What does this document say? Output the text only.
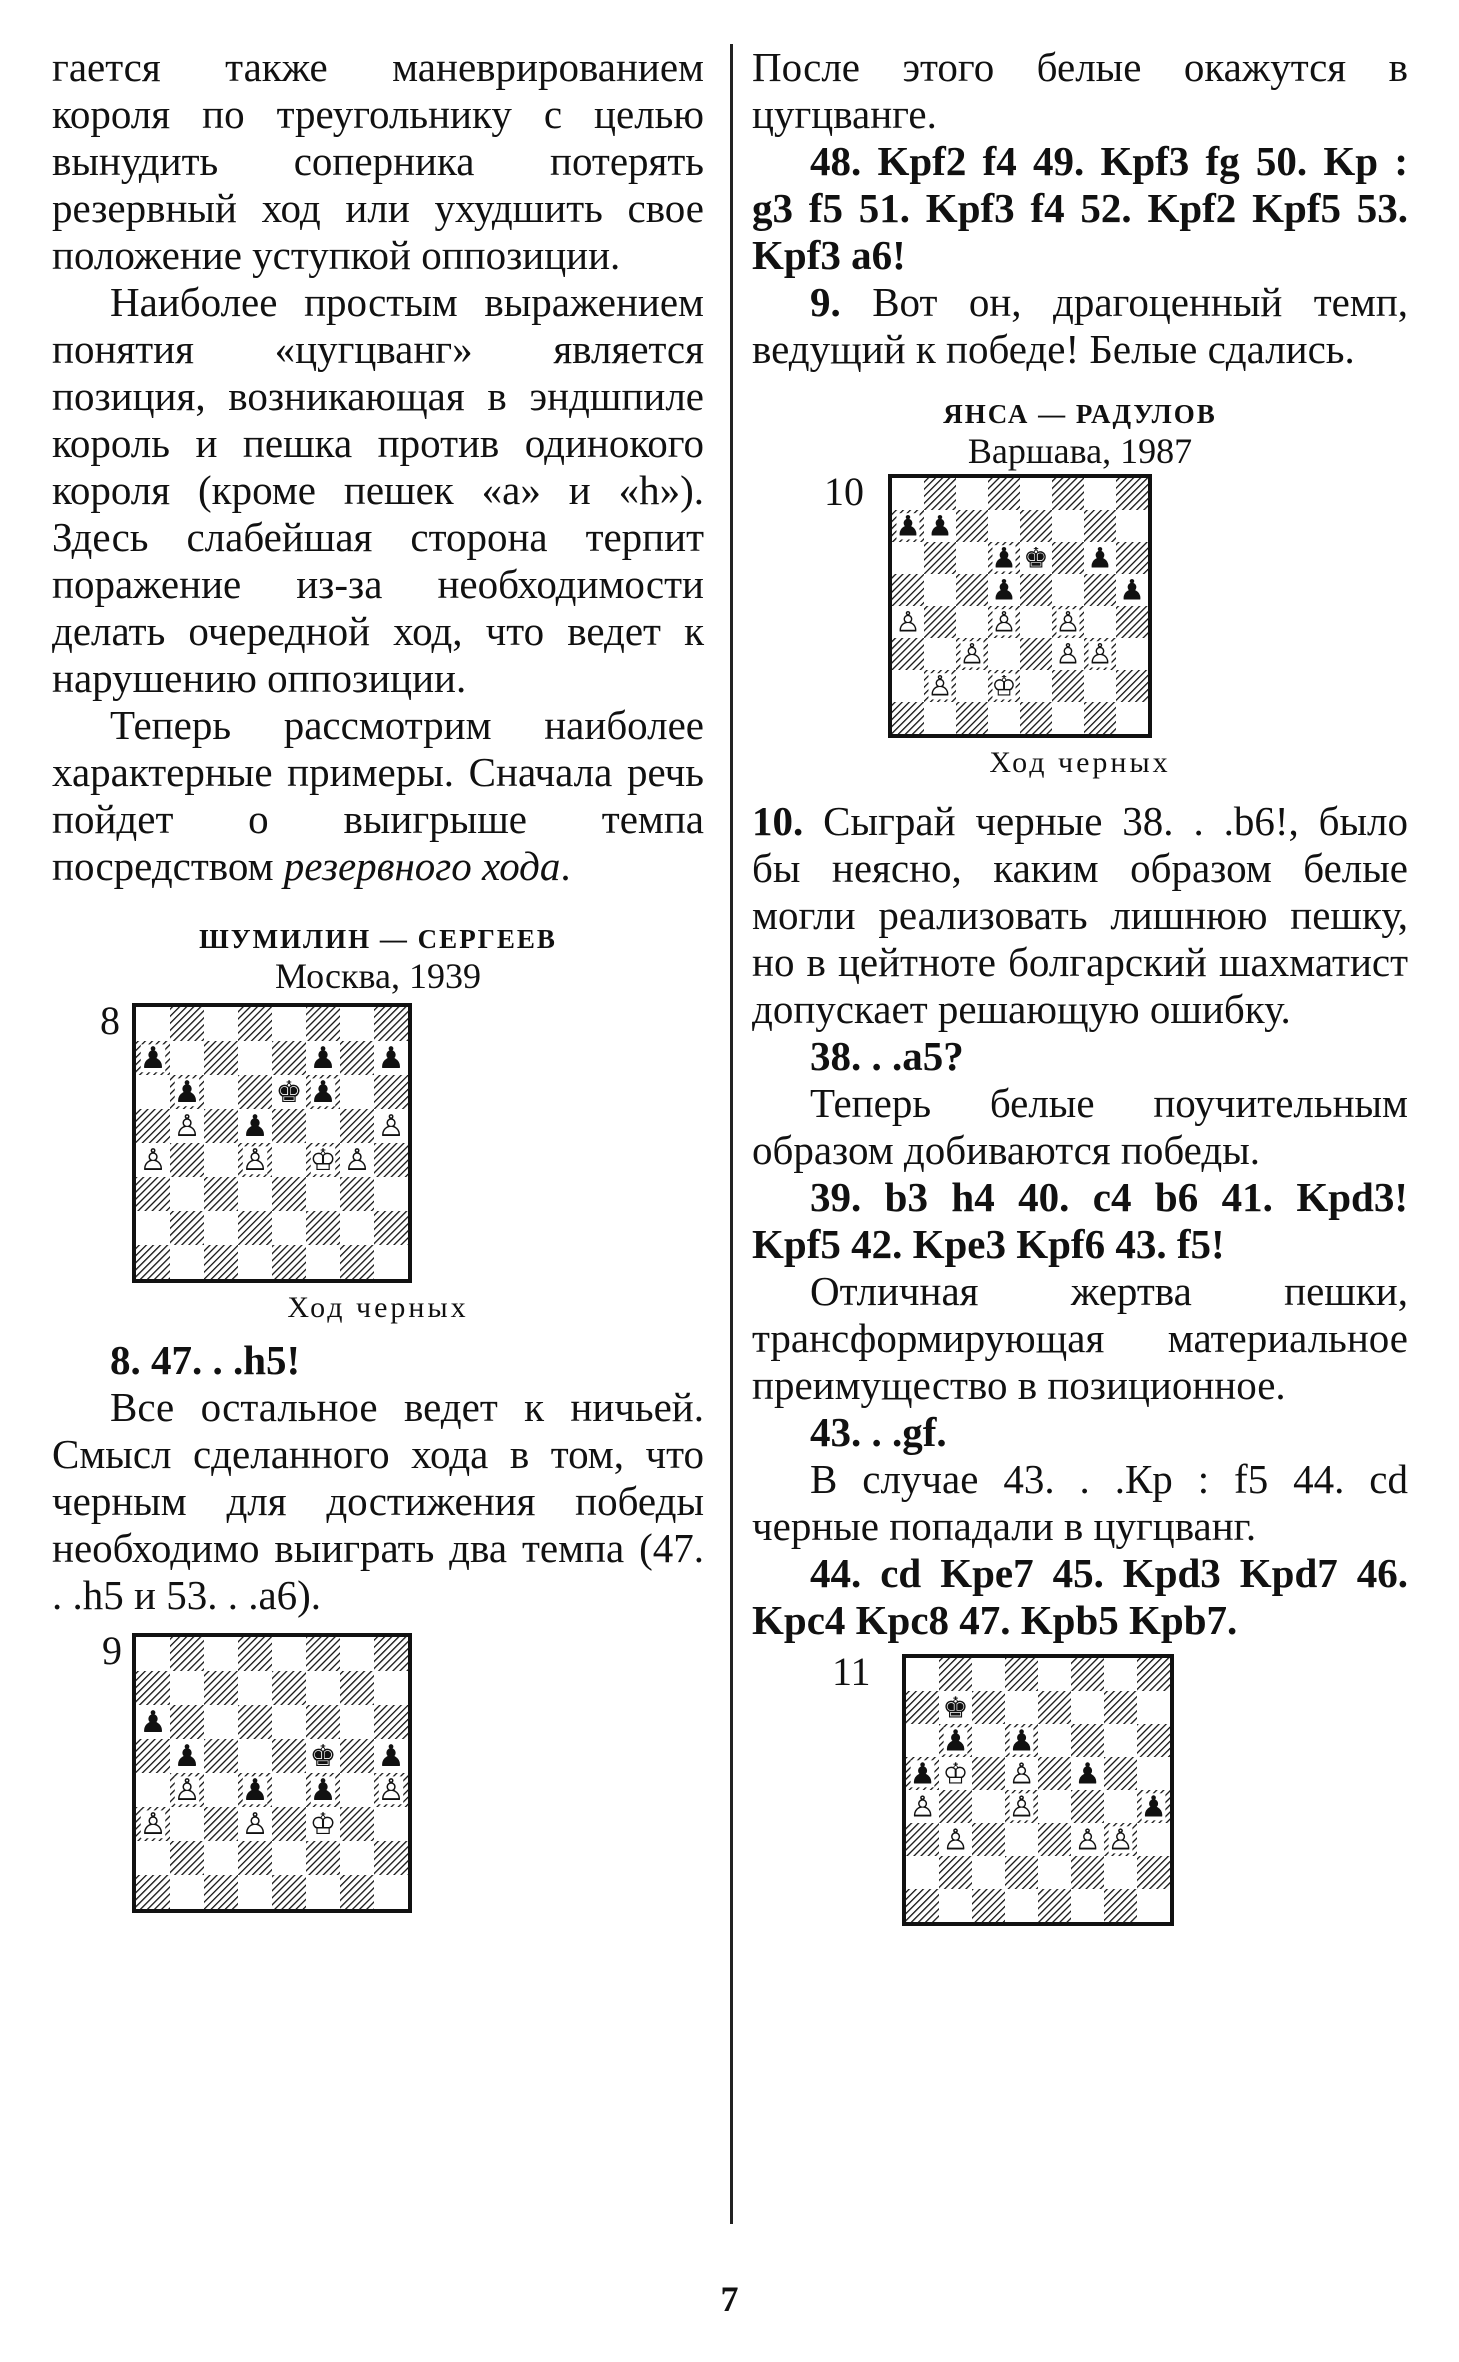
гается также маневрированием короля по треугольнику с целью вынудить соперника потерять резервный ход или ухудшить свое положение уступкой оппозиции.

Наиболее простым выражением понятия «цугцванг» является позиция, возникающая в эндшпиле король и пешка против одинокого короля (кроме пешек «а» и «h»). Здесь слабейшая сторона терпит поражение из-за необходимости делать очередной ход, что ведет к нарушению оппозиции.

Теперь рассмотрим наиболее характерные примеры. Сначала речь пойдет о выигрыше темпа посредством резервного хода.

ШУМИЛИН — СЕРГЕЕВ
Москва, 1939
8
♟	♟ ♟
♟	♚ ♟
♙ ♟	♙
♙	♙ ♔ ♙
Ход черных

8. 47. . .h5!

Все остальное ведет к ничьей. Смысл сделанного хода в том, что черным для достижения победы необходимо выиграть два темпа (47. . .h5 и 53. . .a6).

9
♟
♟	♚ ♟
♙ ♟ ♟ ♙
♙	♙ ♔

После этого белые окажутся в цугцванге.

48. Kpf2 f4 49. Kpf3 fg 50. Kp : g3 f5 51. Kpf3 f4 52. Kpf2 Kpf5 53. Kpf3 a6!

9. Вот он, драгоценный темп, ведущий к победе! Белые сдались.

ЯНСА — РАДУЛОВ
Варшава, 1987
10
♟ ♟
♟ ♚ ♟
♟	♟
♙	♙ ♙
♙	♙ ♙
♙ ♔
Ход черных

10. Сыграй черные 38. . .b6!, было бы неясно, каким образом белые могли реализовать лишнюю пешку, но в цейтноте болгарский шахматист допускает решающую ошибку.

38. . .a5?

Теперь белые поучительным образом добиваются победы.

39. b3 h4 40. c4 b6 41. Kpd3! Kpf5 42. Kpe3 Kpf6 43. f5!

Отличная жертва пешки, трансформирующая материальное преимущество в позиционное.

43. . .gf.

В случае 43. . .Кр : f5 44. cd черные попадали в цугцванг.

44. cd Kpe7 45. Kpd3 Kpd7 46. Kpc4 Kpc8 47. Kpb5 Kpb7.

11
♚
♟ ♟
♟ ♔ ♙ ♟
♙	♙	♟
♙	♙ ♙
7
